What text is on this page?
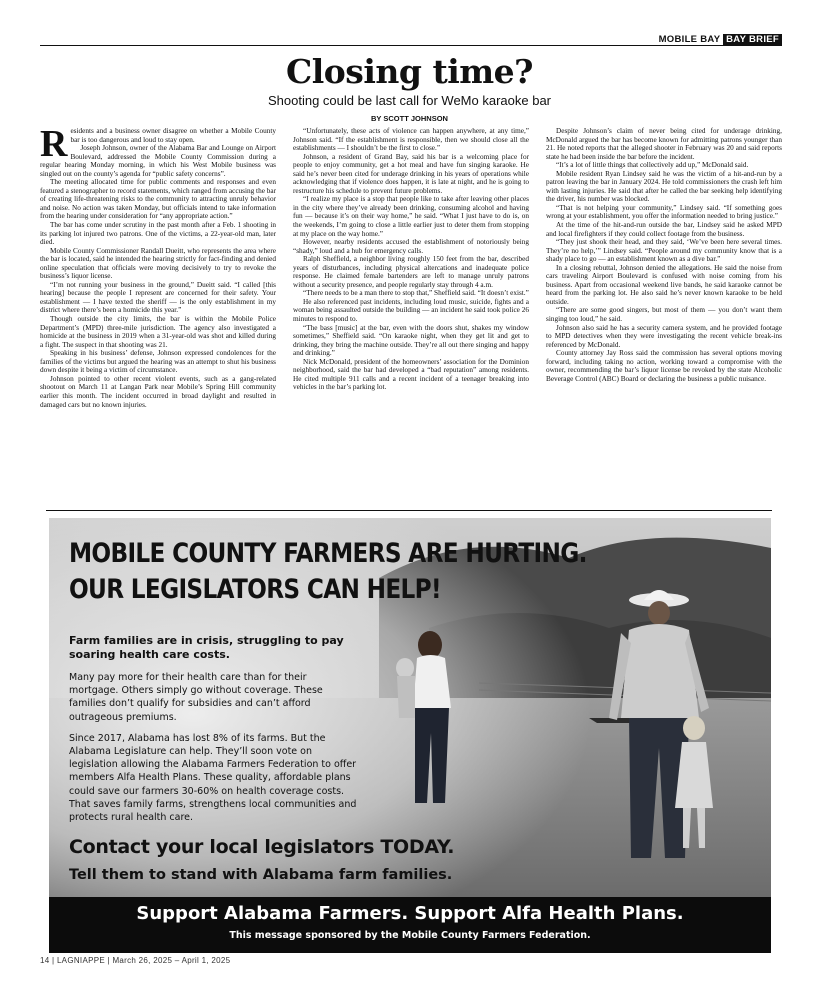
MOBILE BAY BAY BRIEF
Closing time?
Shooting could be last call for WeMo karaoke bar
BY SCOTT JOHNSON

Residents and a business owner disagree on whether a Mobile County bar is too dangerous and loud to stay open.

Joseph Johnson, owner of the Alabama Bar and Lounge on Airport Boulevard, addressed the Mobile County Commission during a regular hearing Monday morning, in which his West Mobile business was singled out on the county’s agenda for “public safety concerns”.

The meeting allocated time for public comments and responses and even featured a stenographer to record statements, which ranged from accusing the bar of creating life-threatening risks to the community to attracting unruly behavior and noise. No action was taken Monday, but officials intend to take information from the hearing under consideration for “any appropriate action.”

The bar has come under scrutiny in the past month after a Feb. 1 shooting in its parking lot injured two patrons. One of the victims, a 22-year-old man, later died.

Mobile County Commissioner Randall Dueitt, who represents the area where the bar is located, said he intended the hearing strictly for fact-finding and denied online speculation that officials were moving decisively to try to revoke the business’s liquor license.

“I’m not running your business in the ground,” Dueitt said. “I called [this hearing] because the people I represent are concerned for their safety. Your establishment — I have texted the sheriff — is the only establishment in my district where there’s been a homicide this year.”

Though outside the city limits, the bar is within the Mobile Police Department’s (MPD) three-mile jurisdiction. The agency also investigated a homicide at the business in 2019 when a 31-year-old was shot and killed during a fight. The suspect in that shooting was 21.

Speaking in his business’ defense, Johnson expressed condolences for the families of the victims but argued the hearing was an attempt to shut his business down despite it being a victim of circumstance.

Johnson pointed to other recent violent events, such as a gang-related shootout on March 11 at Langan Park near Mobile’s Spring Hill community earlier this month. The incident occurred in broad daylight and resulted in damaged cars but no known injuries.

“Unfortunately, these acts of violence can happen anywhere, at any time,” Johnson said. “If the establishment is responsible, then we should close all the establishments — I shouldn’t be the first to close.”

Johnson, a resident of Grand Bay, said his bar is a welcoming place for people to enjoy community, get a hot meal and have fun singing karaoke. He said he’s never been cited for underage drinking in his years of operations while acknowledging that if violence does happen, it is late at night, and he is going to restructure his schedule to prevent future problems.

“I realize my place is a stop that people like to take after leaving other places in the city where they’ve already been drinking, consuming alcohol and having fun — because it’s on their way home,” he said. “What I just have to do is, on the weekends, I’m going to close a little earlier just to deter them from stopping at my place on the way home.”

However, nearby residents accused the establishment of notoriously being “shady,” loud and a hub for emergency calls.

Ralph Sheffield, a neighbor living roughly 150 feet from the bar, described years of disturbances, including physical altercations and inadequate police response. He claimed female bartenders are left to manage unruly patrons without a security presence, and people regularly stay through 4 a.m.

“There needs to be a man there to stop that,” Sheffield said. “It doesn’t exist.”

He also referenced past incidents, including loud music, suicide, fights and a woman being assaulted outside the building — an incident he said took police 26 minutes to respond to.

“The bass [music] at the bar, even with the doors shut, shakes my window sometimes,” Sheffield said. “On karaoke night, when they get lit and get to drinking, they bring the machine outside. They’re all out there singing and happy and drinking.”

Nick McDonald, president of the homeowners’ association for the Dominion neighborhood, said the bar had developed a “bad reputation” among residents. He cited multiple 911 calls and a recent incident of a teenager breaking into vehicles in the bar’s parking lot.

Despite Johnson’s claim of never being cited for underage drinking, McDonald argued the bar has become known for admitting patrons younger than 21. He noted reports that the alleged shooter in February was 20 and said reports state he had been inside the bar before the incident.

“It’s a lot of little things that collectively add up,” McDonald said.

Mobile resident Ryan Lindsey said he was the victim of a hit-and-run by a patron leaving the bar in January 2024. He told commissioners the crash left him with lasting injuries. He said that after he called the bar seeking help identifying the driver, his number was blocked.

“That is not helping your community,” Lindsey said. “If something goes wrong at your establishment, you offer the information needed to bring justice.”

At the time of the hit-and-run outside the bar, Lindsey said he asked MPD and local firefighters if they could collect footage from the business.

“They just shook their head, and they said, ‘We’ve been here several times. They’re no help,’” Lindsey said. “People around my community know that is a shady place to go — an establishment known as a dive bar.”

In a closing rebuttal, Johnson denied the allegations. He said the noise from cars traveling Airport Boulevard is confused with noise coming from his business. Apart from occasional weekend live bands, he said karaoke cannot be heard from the parking lot. He also said he’s never known karaoke to be held outside.

“There are some good singers, but most of them — you don’t want them singing too loud,” he said.

Johnson also said he has a security camera system, and he provided footage to MPD detectives when they were investigating the recent vehicle break-ins referenced by McDonald.

County attorney Jay Ross said the commission has several options moving forward, including taking no action, working toward a compromise with the owner, recommending the bar’s liquor license be revoked by the state Alcoholic Beverage Control (ABC) Board or declaring the business a public nuisance.

MOBILE COUNTY FARMERS ARE HURTING.
OUR LEGISLATORS CAN HELP!

Farm families are in crisis, struggling to pay soaring health care costs.

Many pay more for their health care than for their mortgage. Others simply go without coverage. These families don’t qualify for subsidies and can’t afford outrageous premiums.

Since 2017, Alabama has lost 8% of its farms. But the Alabama Legislature can help. They’ll soon vote on legislation allowing the Alabama Farmers Federation to offer members Alfa Health Plans. These quality, affordable plans could save our farmers 30-60% on health coverage costs. That saves family farms, strengthens local communities and protects rural health care.

Contact your local legislators TODAY.
Tell them to stand with Alabama farm families.
Support Alabama Farmers. Support Alfa Health Plans.
This message sponsored by the Mobile County Farmers Federation.
14 | LAGNIAPPE | March 26, 2025 – April 1, 2025
